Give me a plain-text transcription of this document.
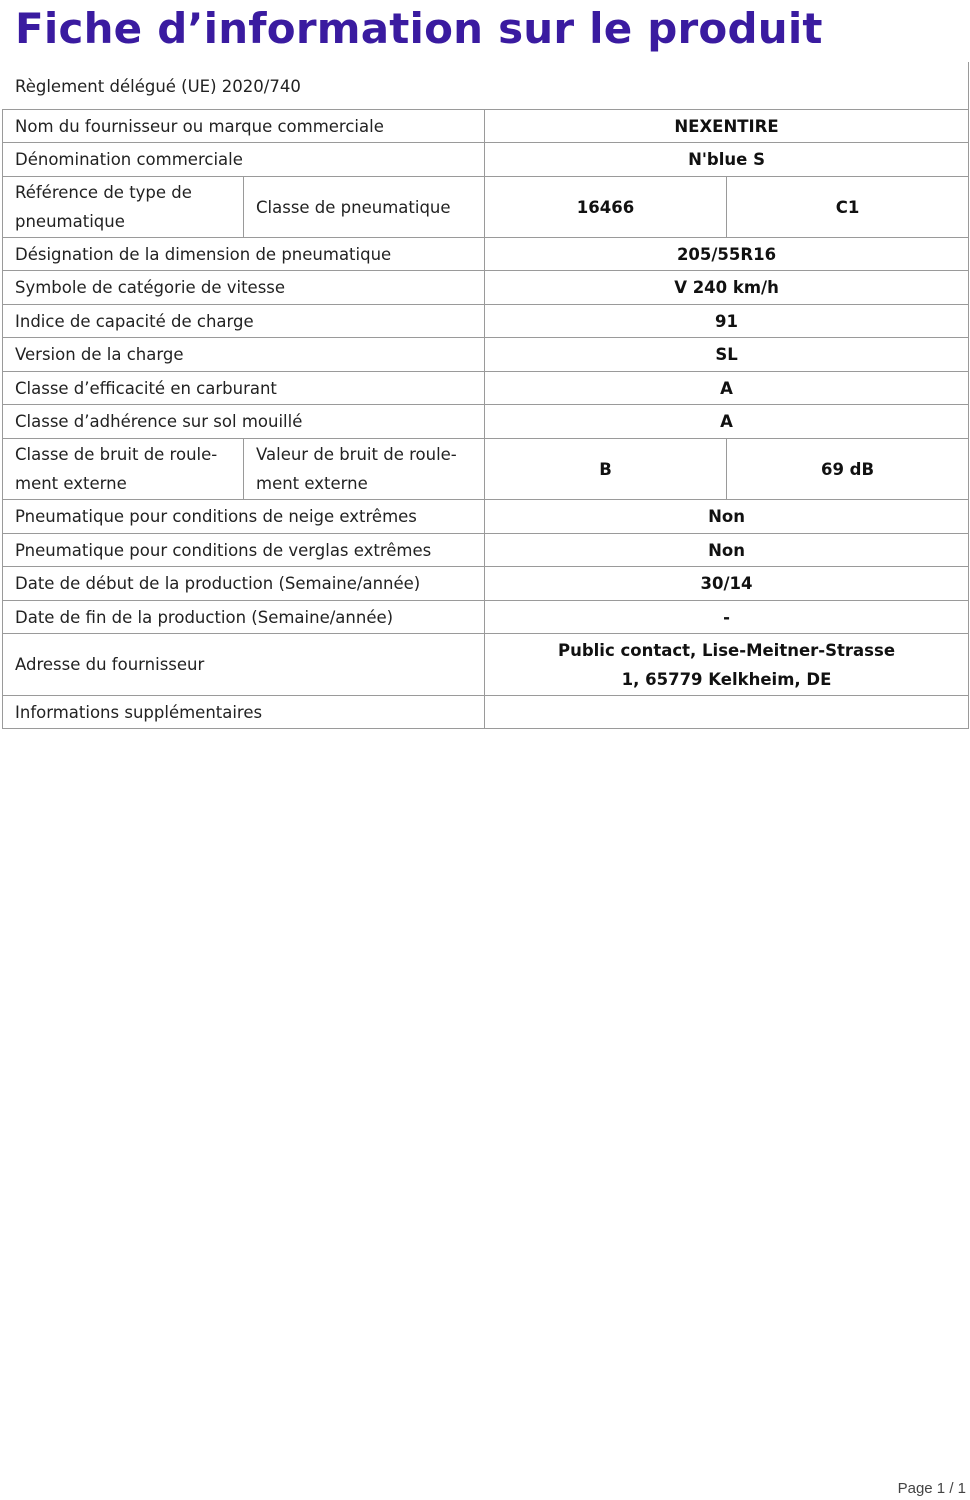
Fiche d’information sur le produit
Règlement délégué (UE) 2020/740			
Nom du fournisseur ou marque commerciale		NEXENTIRE	
Dénomination commerciale		N'blue S	
Référence de type de pneumatique	Classe de pneumatique	16466	C1
Désignation de la dimension de pneumatique		205/55R16	
Symbole de catégorie de vitesse		V 240 km/h	
Indice de capacité de charge		91	
Version de la charge		SL	
Classe d’efficacité en carburant		A	
Classe d’adhérence sur sol mouillé		A	
Classe de bruit de roule-ment externe	Valeur de bruit de roule-ment externe	B	69 dB
Pneumatique pour conditions de neige extrêmes		Non	
Pneumatique pour conditions de verglas extrêmes		Non	
Date de début de la production (Semaine/année)		30/14	
Date de fin de la production (Semaine/année)		-	
Adresse du fournisseur		Public contact, Lise-Meitner-Strasse 1, 65779 Kelkheim, DE	
Informations supplémentaires			
Page 1 / 1
